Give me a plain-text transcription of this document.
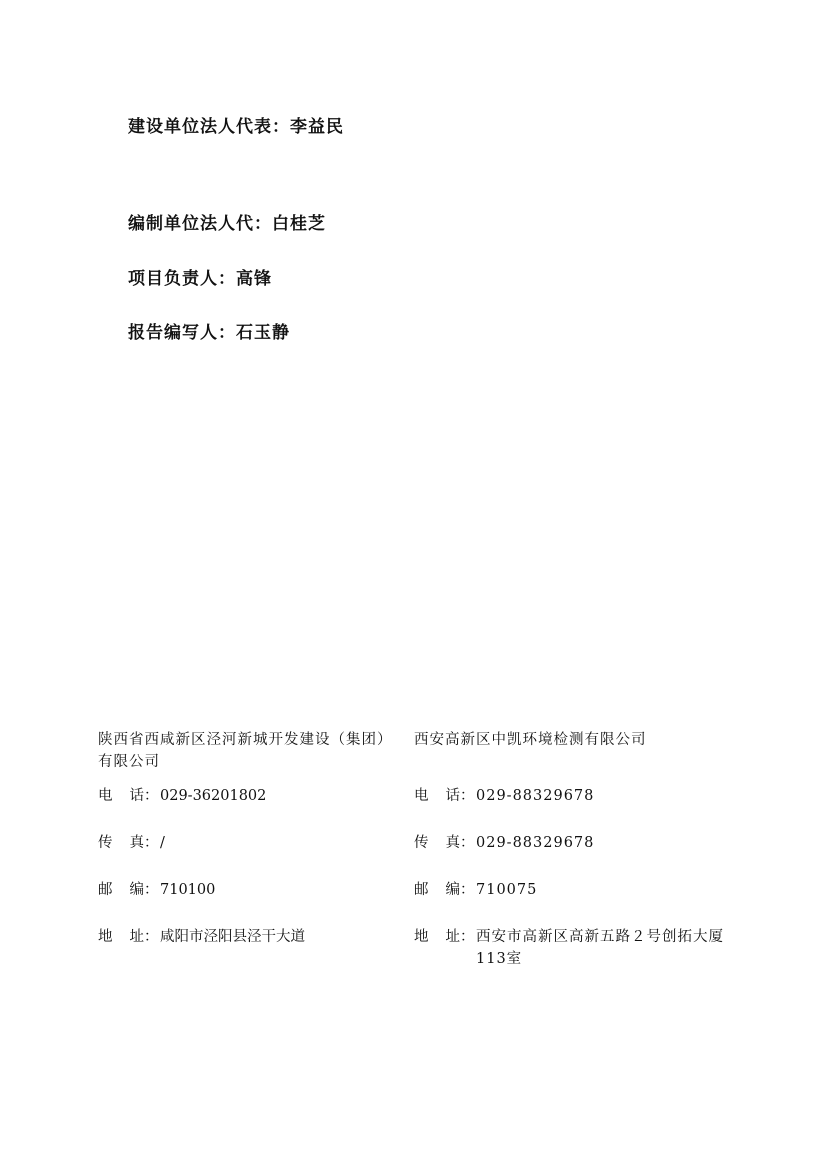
建设单位法人代表：李益民
编制单位法人代：白桂芝
项目负责人：高锋
报告编写人：石玉静

陕西省西咸新区泾河新城开发建设（集团）有限公司

电 话 ： 029-36201802
传 真 ： /
邮 编 ： 710100
地 址 ： 咸阳市泾阳县泾干大道

西安高新区中凯环境检测有限公司

电 话 ： 029-88329678
传 真 ： 029-88329678
邮 编 ： 710075
地 址 ： 西安市高新区高新五路２号创拓大厦113室
